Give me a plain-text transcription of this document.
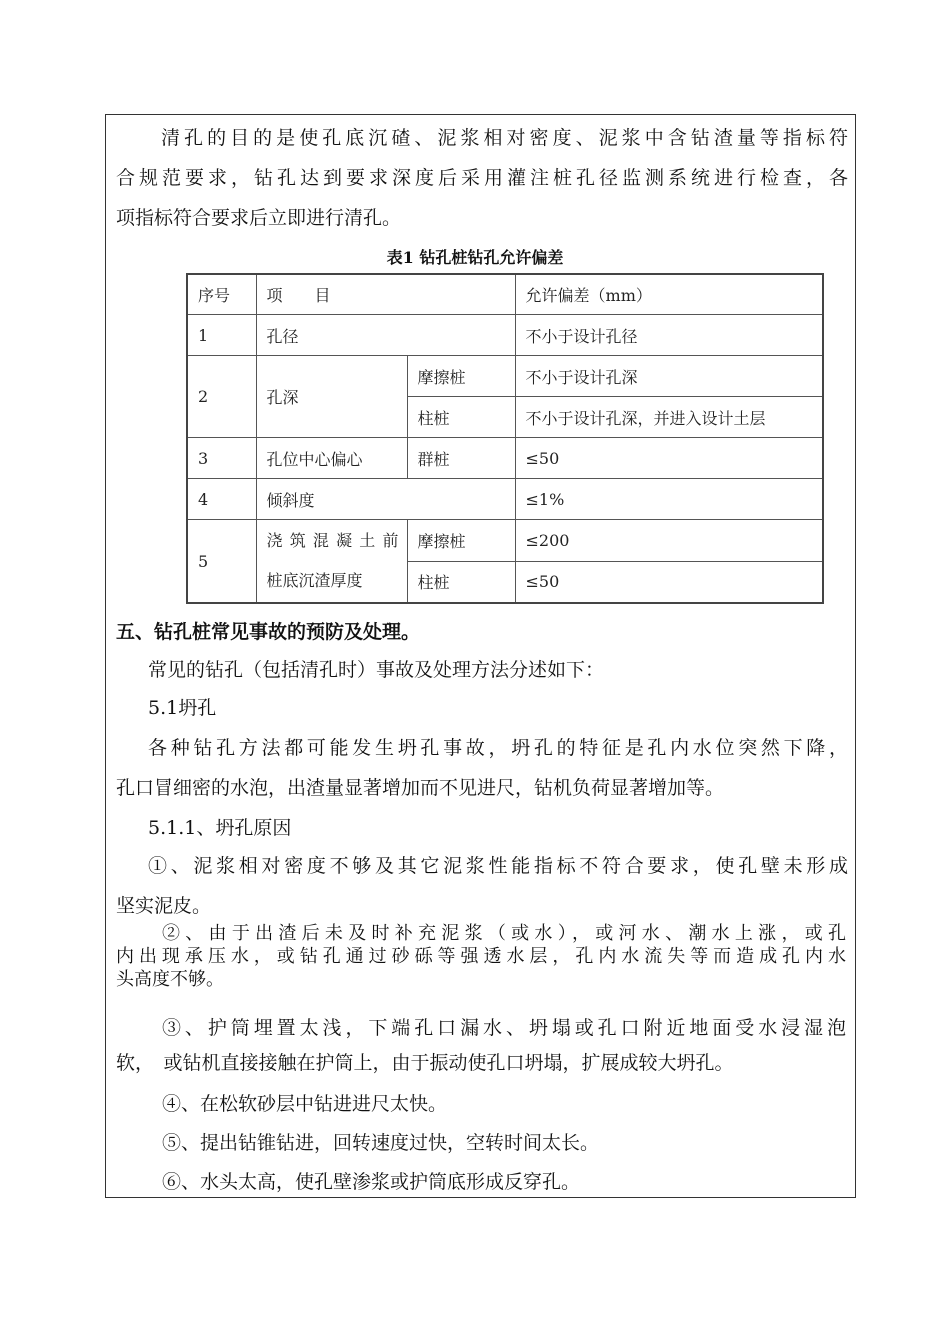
清孔的目的是使孔底沉碴、泥浆相对密度、泥浆中含钻渣量等指标符

合规范要求，钻孔达到要求深度后采用灌注桩孔径监测系统进行检查，各

项指标符合要求后立即进行清孔。

表1 钻孔桩钻孔允许偏差
序号	项　　目		允许偏差（mm）
1	孔径		不小于设计孔径
2	孔深	摩擦桩	不小于设计孔深
		柱桩	不小于设计孔深，并进入设计土层
3	孔位中心偏心	群桩	≤50
4	倾斜度		≤1%
5	浇筑混凝土前
桩底沉渣厚度	摩擦桩	≤200
		柱桩	≤50

五、钻孔桩常见事故的预防及处理。

常见的钻孔（包括清孔时）事故及处理方法分述如下：

5.1坍孔

各种钻孔方法都可能发生坍孔事故，坍孔的特征是孔内水位突然下降，

孔口冒细密的水泡，出渣量显著增加而不见进尺，钻机负荷显著增加等。

5.1.1、坍孔原因

①、泥浆相对密度不够及其它泥浆性能指标不符合要求，使孔壁未形成

坚实泥皮。

②、由于出渣后未及时补充泥浆（或水），或河水、潮水上涨，或孔

内出现承压水，或钻孔通过砂砾等强透水层，孔内水流失等而造成孔内水

头高度不够。

③、护筒埋置太浅，下端孔口漏水、坍塌或孔口附近地面受水浸湿泡

软，　或钻机直接接触在护筒上，由于振动使孔口坍塌，扩展成较大坍孔。

④、在松软砂层中钻进进尺太快。

⑤、提出钻锥钻进，回转速度过快，空转时间太长。

⑥、水头太高，使孔壁渗浆或护筒底形成反穿孔。
